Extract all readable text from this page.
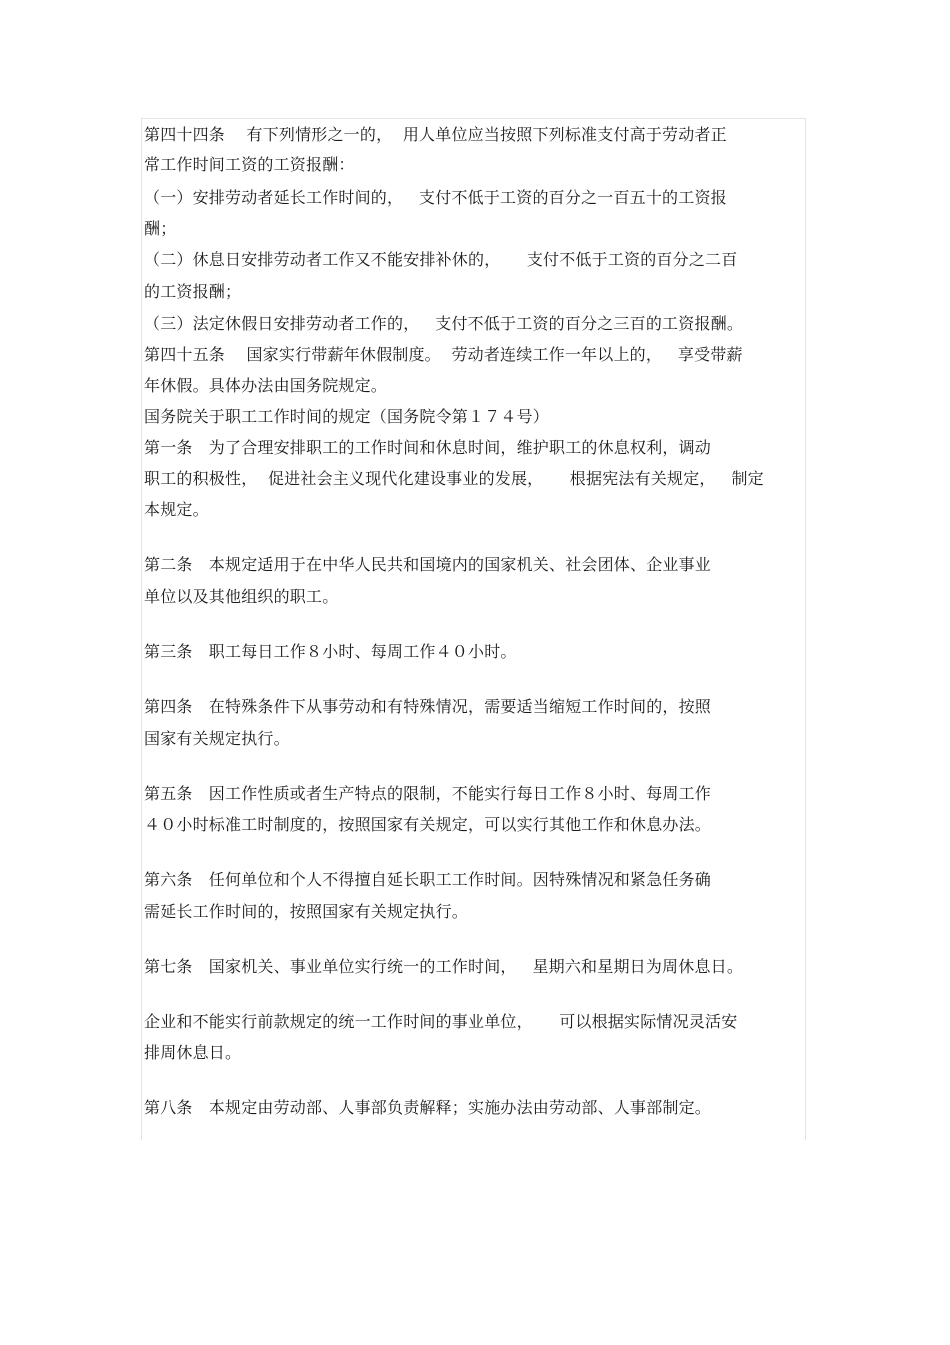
第四十四条　 有下列情形之一的，  用人单位应当按照下列标准支付高于劳动者正
常工作时间工资的工资报酬：
（一）安排劳动者延长工作时间的，   支付不低于工资的百分之一百五十的工资报
酬；
（二）休息日安排劳动者工作又不能安排补休的，     支付不低于工资的百分之二百
的工资报酬；
（三）法定休假日安排劳动者工作的，   支付不低于工资的百分之三百的工资报酬。
第四十五条　 国家实行带薪年休假制度。  劳动者连续工作一年以上的，   享受带薪
年休假。具体办法由国务院规定。
国务院关于职工工作时间的规定（国务院令第１７４号）
第一条　为了合理安排职工的工作时间和休息时间，维护职工的休息权利，调动
职工的积极性，  促进社会主义现代化建设事业的发展，     根据宪法有关规定，   制定
本规定。
第二条　本规定适用于在中华人民共和国境内的国家机关、社会团体、企业事业
单位以及其他组织的职工。
第三条　职工每日工作８小时、每周工作４０小时。
第四条　在特殊条件下从事劳动和有特殊情况，需要适当缩短工作时间的，按照
国家有关规定执行。
第五条　因工作性质或者生产特点的限制，不能实行每日工作８小时、每周工作
４０小时标准工时制度的，按照国家有关规定，可以实行其他工作和休息办法。
第六条　任何单位和个人不得擅自延长职工工作时间。因特殊情况和紧急任务确
需延长工作时间的，按照国家有关规定执行。
第七条　国家机关、事业单位实行统一的工作时间，   星期六和星期日为周休息日。
企业和不能实行前款规定的统一工作时间的事业单位，     可以根据实际情况灵活安
排周休息日。
第八条　本规定由劳动部、人事部负责解释；实施办法由劳动部、人事部制定。
